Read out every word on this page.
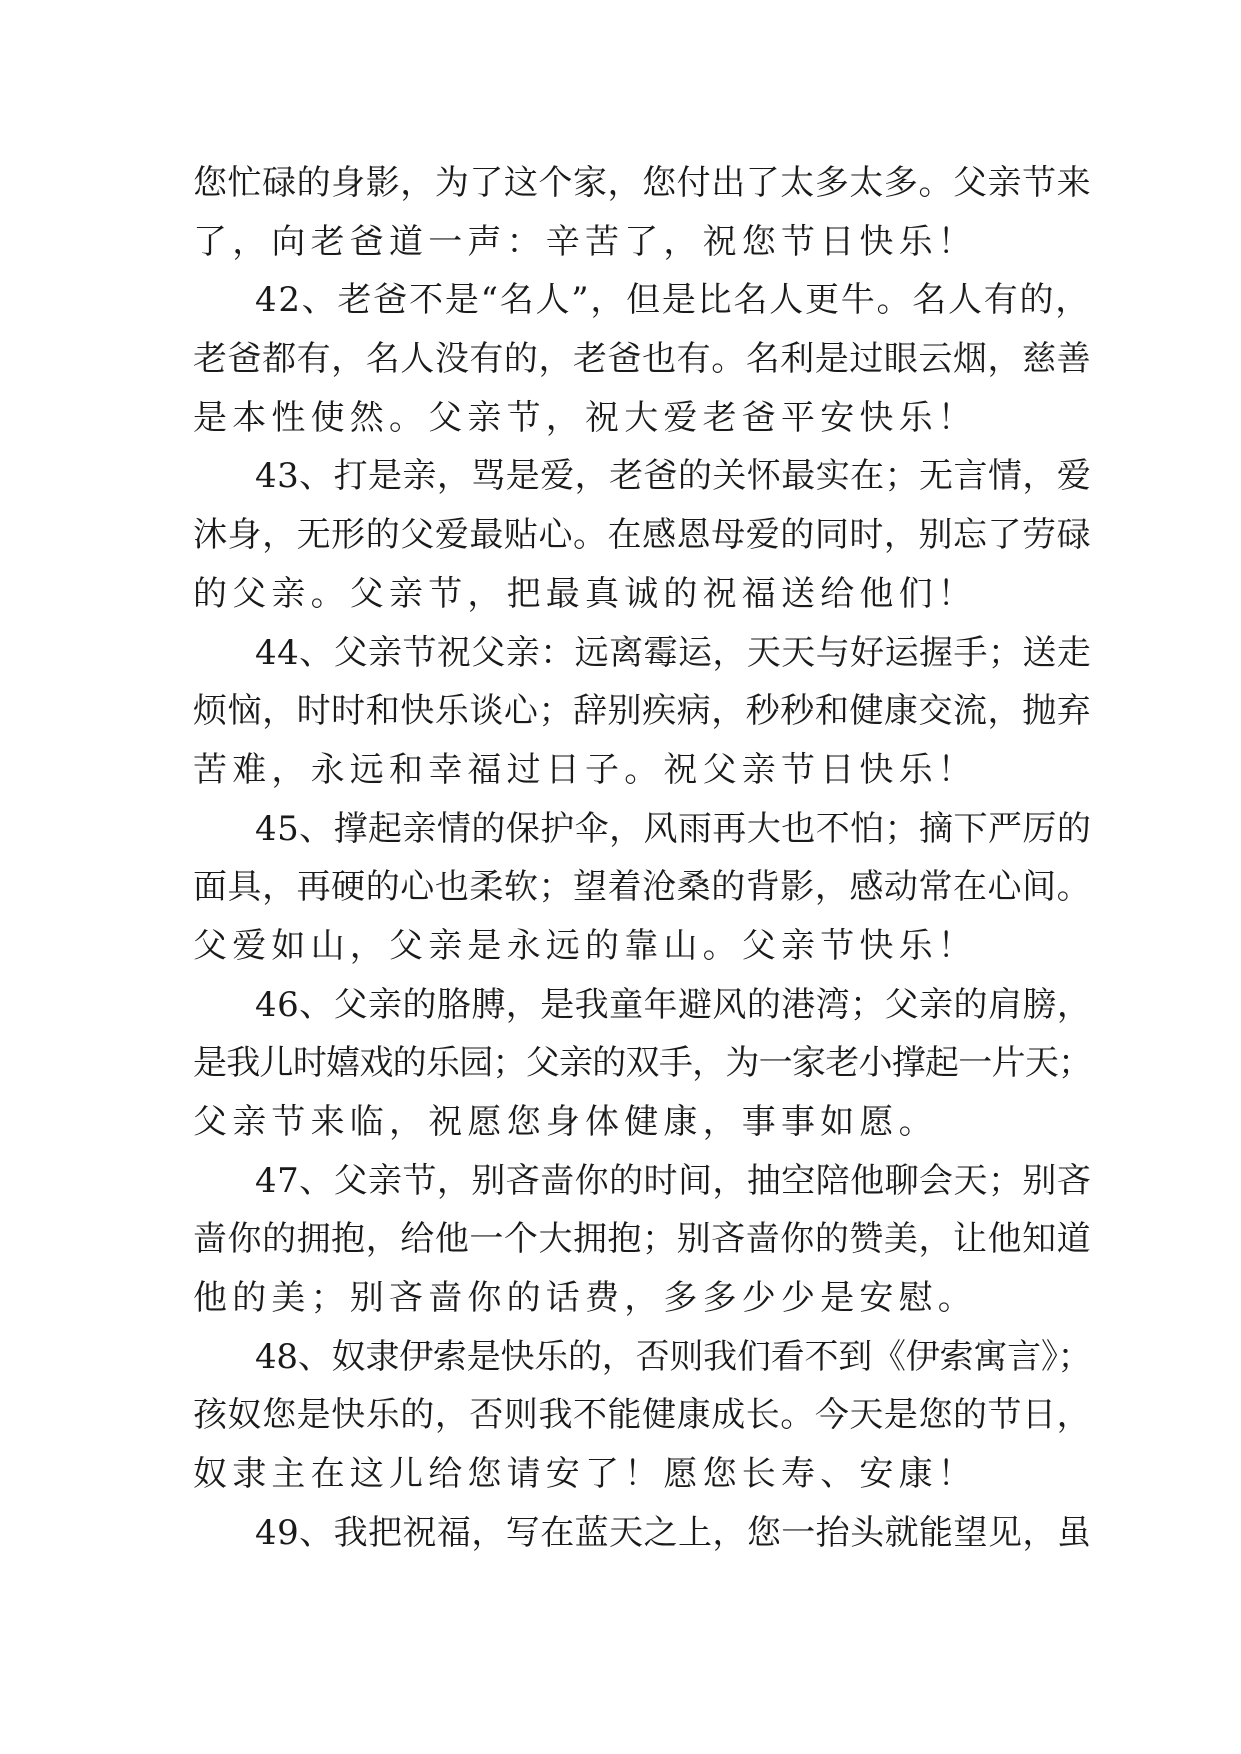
您忙碌的身影，为了这个家，您付出了太多太多。父亲节来
了，向老爸道一声：辛苦了，祝您节日快乐！
42、老爸不是“名人”，但是比名人更牛。名人有的，
老爸都有，名人没有的，老爸也有。名利是过眼云烟，慈善
是本性使然。父亲节，祝大爱老爸平安快乐！
43、打是亲，骂是爱，老爸的关怀最实在；无言情，爱
沐身，无形的父爱最贴心。在感恩母爱的同时，别忘了劳碌
的父亲。父亲节，把最真诚的祝福送给他们！
44、父亲节祝父亲：远离霉运，天天与好运握手；送走
烦恼，时时和快乐谈心；辞别疾病，秒秒和健康交流，抛弃
苦难，永远和幸福过日子。祝父亲节日快乐！
45、撑起亲情的保护伞，风雨再大也不怕；摘下严厉的
面具，再硬的心也柔软；望着沧桑的背影，感动常在心间。
父爱如山，父亲是永远的靠山。父亲节快乐！
46、父亲的胳膊，是我童年避风的港湾；父亲的肩膀，
是我儿时嬉戏的乐园；父亲的双手，为一家老小撑起一片天；
父亲节来临，祝愿您身体健康，事事如愿。
47、父亲节，别吝啬你的时间，抽空陪他聊会天；别吝
啬你的拥抱，给他一个大拥抱；别吝啬你的赞美，让他知道
他的美；别吝啬你的话费，多多少少是安慰。
48、奴隶伊索是快乐的，否则我们看不到《伊索寓言》；
孩奴您是快乐的，否则我不能健康成长。今天是您的节日，
奴隶主在这儿给您请安了！愿您长寿、安康！
49、我把祝福，写在蓝天之上，您一抬头就能望见，虽
